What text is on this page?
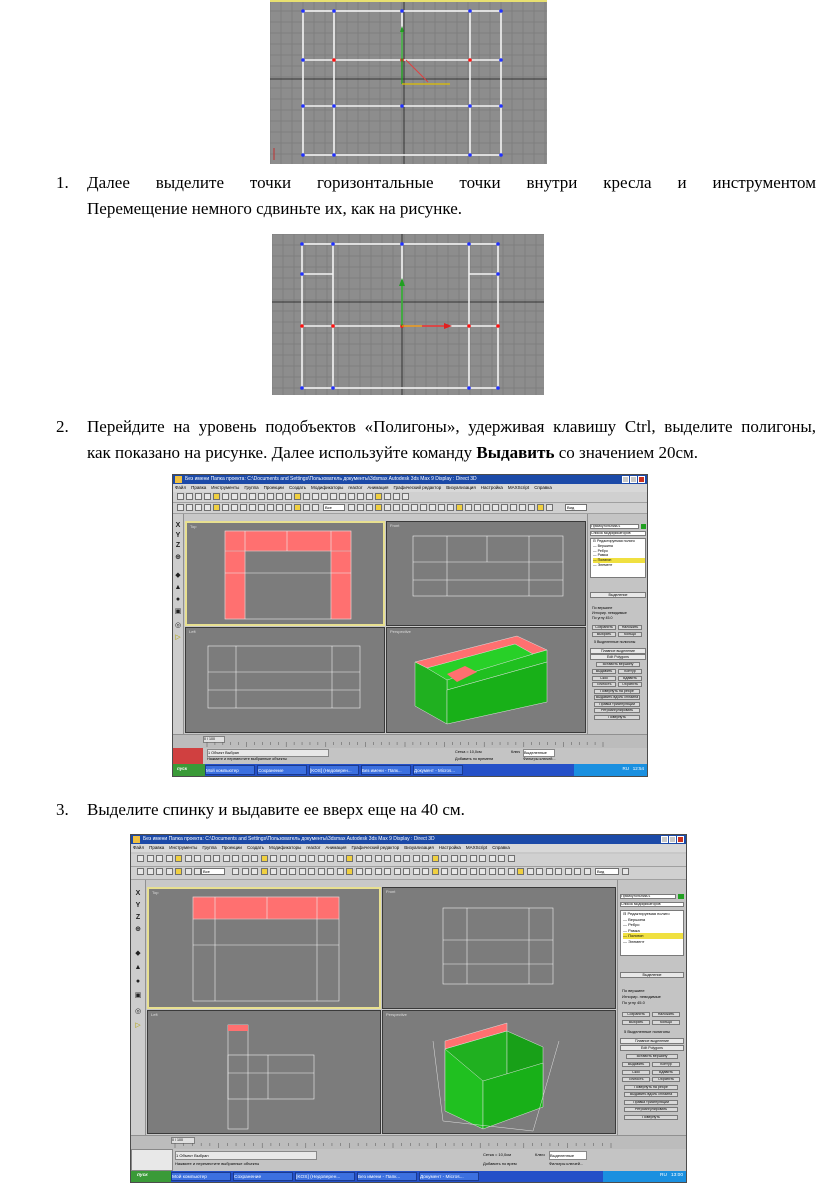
1. Далее выделите точки горизонтальные точки внутри кресла и инструментом
Перемещение немного сдвиньте их, как на рисунке.
2. Перейдите на уровень подобъектов «Полигоны», удерживая клавишу Ctrl, выделите полигоны,
как показано на рисунке. Далее используйте команду Выдавить со значением 20см.
Без имени Папка проекта: C:\Documents and Settings\Пользователь документы\3dsmax Autodesk 3ds Max 9 Display : Direct 3D
Файл Правка Инструменты Группа Проекции Создать Модификаторы reactor Анимация Графический редактор Визуализация Настройка MAXScript Справка
Все	Вид
X
Y
Z
⊕
◆
▲
●
▣
◎
▷
Top	Front
Left	Perspective
Прямоугольник01
Список модификаторов
⊟ Редактируемая полиго
— Вершина
— Ребро
— Рамка
— Полигон
— Элемент
Выделение
По вершине
Игнорир. невидимые
По углу 45.0
Сохранить	Наложить
Выбрать	Кольцо
5 Выделенные полигоны
Плавное выделение
Edit Polygons
Вставить вершину
Выдавить	Контур
Скос	Вдавить
Точность	Обратить
Повернуть на ребре
Выдавить вдоль сплайна
Правка триангуляции
Ретриангулировать
Повернуть
0 / 100
1 Объект Выбран
Нажмите и переместите выбранные объекты
Сетка = 10,0см
Добавить по времени
Ключ Выделенные
Фильтры ключей...
пуск	Мой компьютер	Сохранение	[KOS] (Недоверен...	Без имени - Папк...	Документ - Micros...	RU 12:54
3. Выделите спинку и выдавите ее вверх еще на 40 см.
Без имени Папка проекта: C:\Documents and Settings\Пользователь документы\3dsmax Autodesk 3ds Max 9 Display : Direct 3D
Файл Правка Инструменты Группа Проекции Создать Модификаторы reactor Анимация Графический редактор Визуализация Настройка MAXScript Справка
Все	Вид
X
Y
Z
⊕
◆
▲
●
▣
◎
▷
Top	Front
Left	Perspective
Прямоугольник01
Список модификаторов
⊟ Редактируемая полиго
— Вершина
— Ребро
— Рамка
— Полигон
— Элемент
Выделение
По вершине
Игнорир. невидимые
По углу 45.0
Сохранить	Наложить
Выбрать	Кольцо
5 Выделенные полигоны
Плавное выделение
Edit Polygons
Вставить вершину
Выдавить	Контур
Скос	Вдавить
Точность	Обратить
Повернуть на ребре
Выдавить вдоль сплайна
Правка триангуляции
Ретриангулировать
Повернуть
0 / 100
1 Объект Выбран
Нажмите и переместите выбранные объекты
Сетка = 10,0см
Добавить по врем
Ключ Выделенные
Фильтры ключей...
пуск	Мой компьютер	Сохранение	[KOS] (Недоверен...	Без имени - Папк...	Документ - Micros...	RU 13:00
